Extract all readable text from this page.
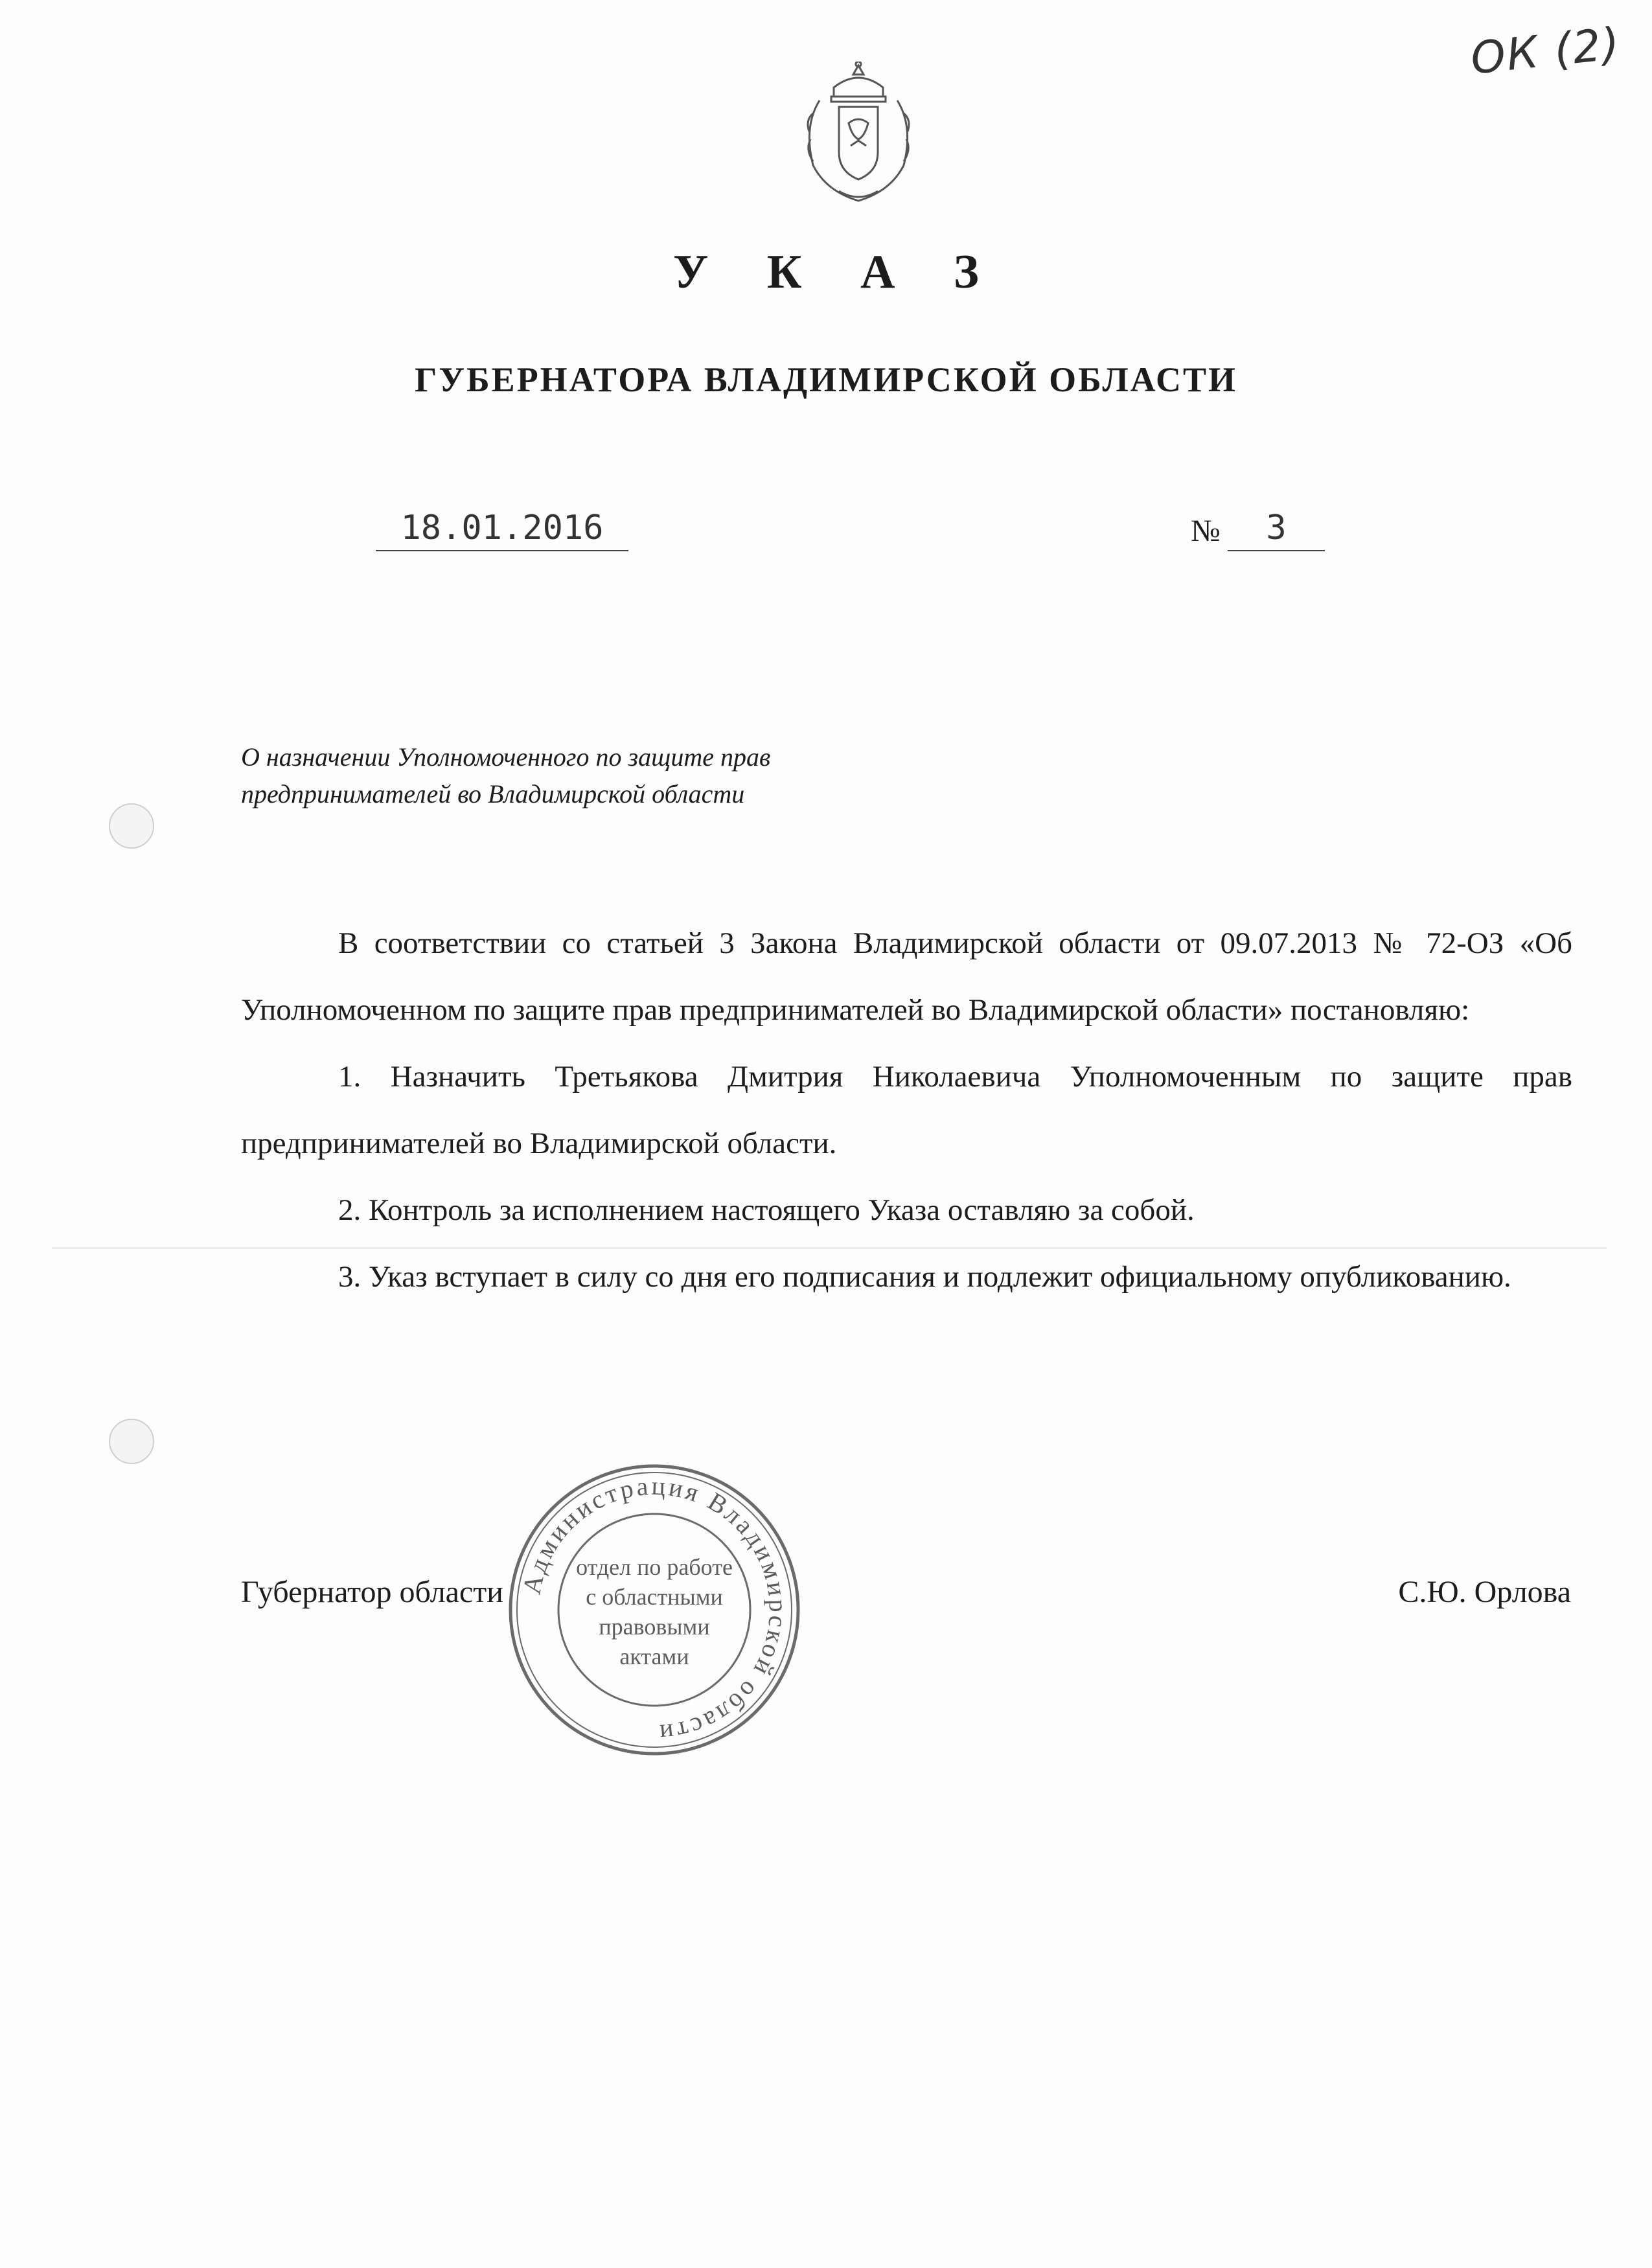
ОК (2)
У К А З
ГУБЕРНАТОРА ВЛАДИМИРСКОЙ ОБЛАСТИ
18.01.2016	№	3
О назначении Уполномоченного по защите прав
предпринимателей во Владимирской области

В соответствии со статьей 3 Закона Владимирской области от 09.07.2013 № 72-ОЗ «Об Уполномоченном по защите прав предпринимателей во Владимирской области» постановляю:

1. Назначить Третьякова Дмитрия Николаевича Уполномоченным по защите прав предпринимателей во Владимирской области.

2. Контроль за исполнением настоящего Указа оставляю за собой.

3. Указ вступает в силу со дня его подписания и подлежит официальному опубликованию.

Администрация Владимирской области
отдел по работе
с областными
правовыми
актами
Губернатор области	С.Ю. Орлова
